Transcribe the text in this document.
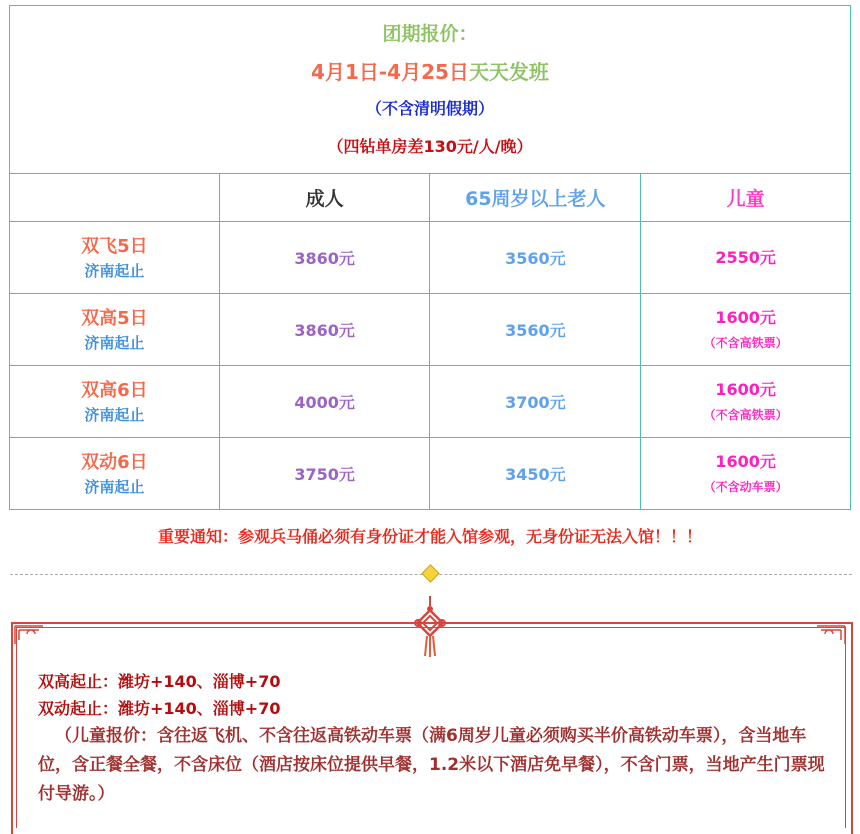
团期报价：
4月1日-4月25日天天发班
（不含清明假期）
（四钻单房差130元/人/晚）			

	成人	65周岁以上老人	儿童

双飞5日
济南起止	3860元	3560元	2550元

双高5日
济南起止	3860元	3560元	1600元
（不含高铁票）

双高6日
济南起止	4000元	3700元	1600元
（不含高铁票）

双动6日
济南起止	3750元	3450元	1600元
（不含动车票）
重要通知：参观兵马俑必须有身份证才能入馆参观，无身份证无法入馆！！！
双高起止：潍坊+140、淄博+70
双动起止：潍坊+140、淄博+70
（儿童报价：含往返飞机、不含往返高铁动车票（满6周岁儿童必须购买半价高铁动车票），含当地车位，含正餐全餐，不含床位（酒店按床位提供早餐，1.2米以下酒店免早餐），不含门票，当地产生门票现付导游。）
